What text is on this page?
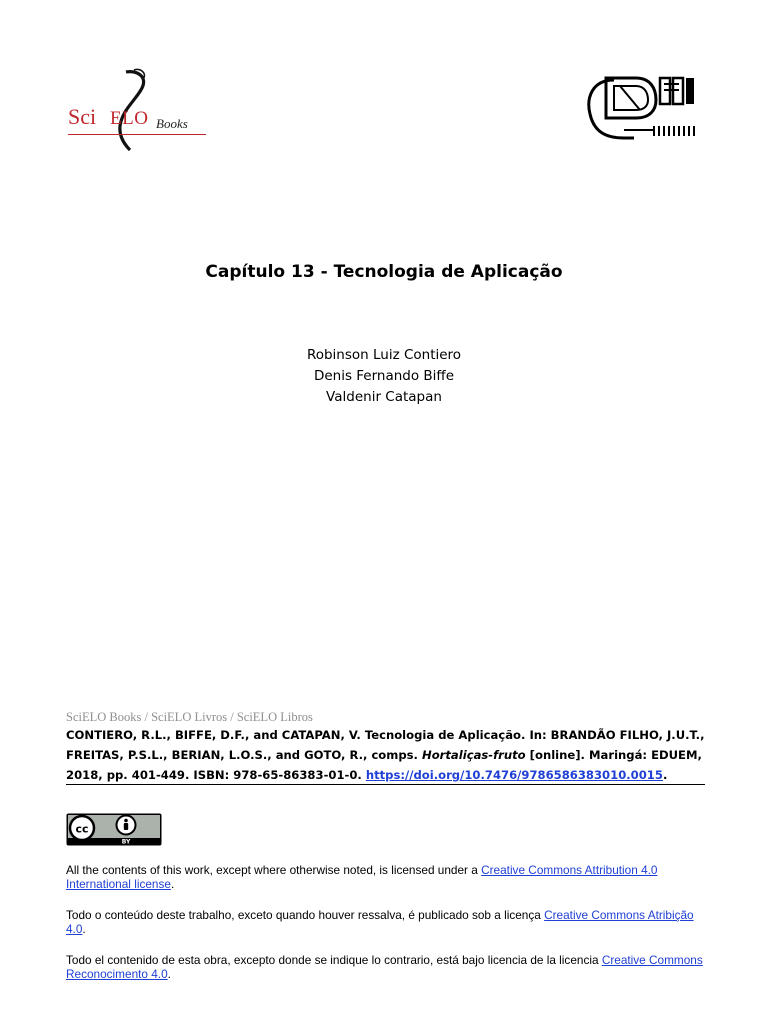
Sci ELO Books
Capítulo 13 - Tecnologia de Aplicação
Robinson Luiz Contiero
Denis Fernando Biffe
Valdenir Catapan
SciELO Books / SciELO Livros / SciELO Libros
CONTIERO, R.L., BIFFE, D.F., and CATAPAN, V. Tecnologia de Aplicação. In: BRANDÃO FILHO, J.U.T., FREITAS, P.S.L., BERIAN, L.O.S., and GOTO, R., comps. Hortaliças-fruto [online]. Maringá: EDUEM, 2018, pp. 401-449. ISBN: 978-65-86383-01-0. https://doi.org/10.7476/9786586383010.0015.
cc
BY
All the contents of this work, except where otherwise noted, is licensed under a Creative Commons Attribution 4.0 International license.
Todo o conteúdo deste trabalho, exceto quando houver ressalva, é publicado sob a licença Creative Commons Atribição 4.0.
Todo el contenido de esta obra, excepto donde se indique lo contrario, está bajo licencia de la licencia Creative Commons Reconocimento 4.0.
